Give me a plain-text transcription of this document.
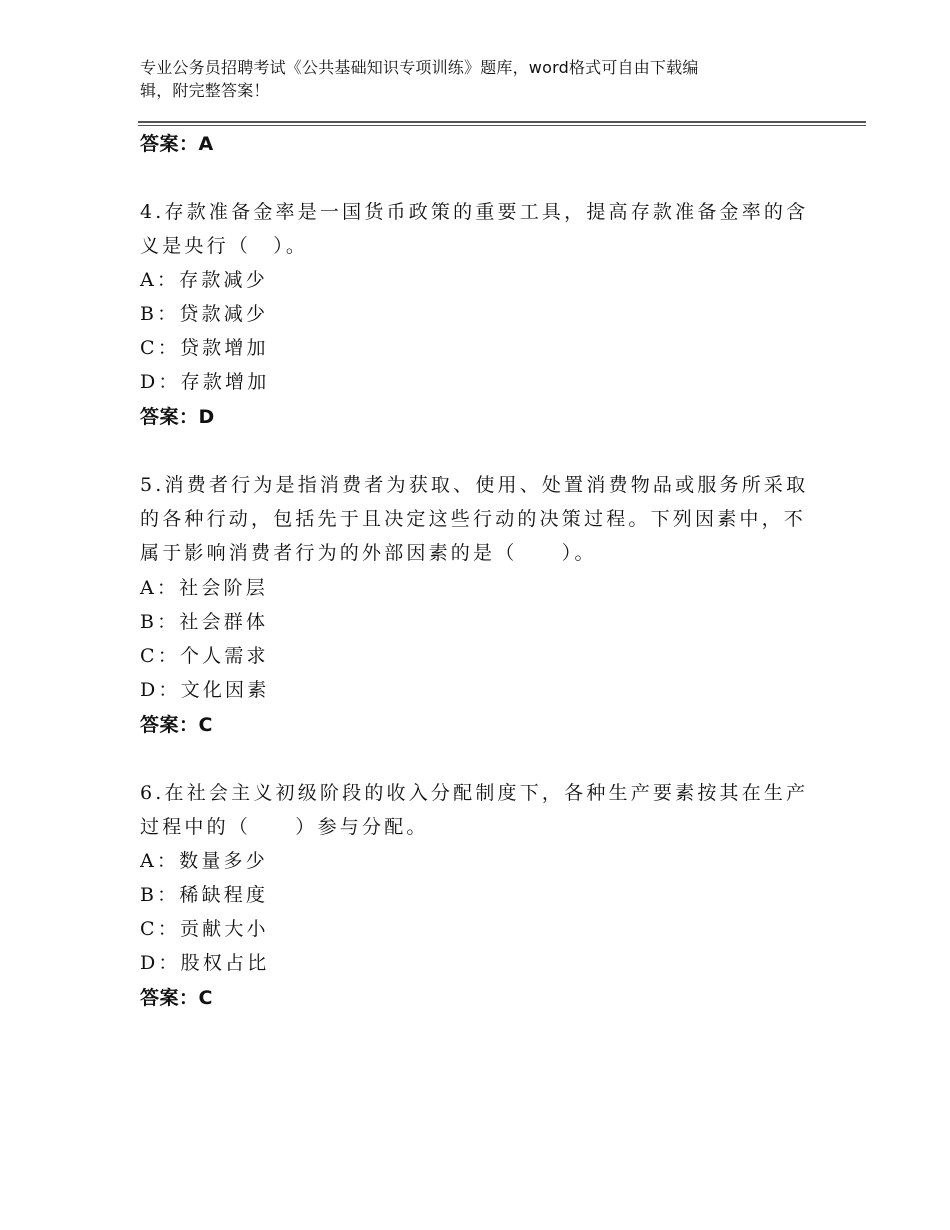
专业公务员招聘考试《公共基础知识专项训练》题库，word格式可自由下载编
辑，附完整答案！
答案：A
4.存款准备金率是一国货币政策的重要工具，提高存款准备金率的含
义是央行（　）。
A：存款减少
B：贷款减少
C：贷款增加
D：存款增加
答案：D
5.消费者行为是指消费者为获取、使用、处置消费物品或服务所采取
的各种行动，包括先于且决定这些行动的决策过程。下列因素中，不
属于影响消费者行为的外部因素的是（　　）。
A：社会阶层
B：社会群体
C：个人需求
D：文化因素
答案：C
6.在社会主义初级阶段的收入分配制度下，各种生产要素按其在生产
过程中的（　　）参与分配。
A：数量多少
B：稀缺程度
C：贡献大小
D：股权占比
答案：C
